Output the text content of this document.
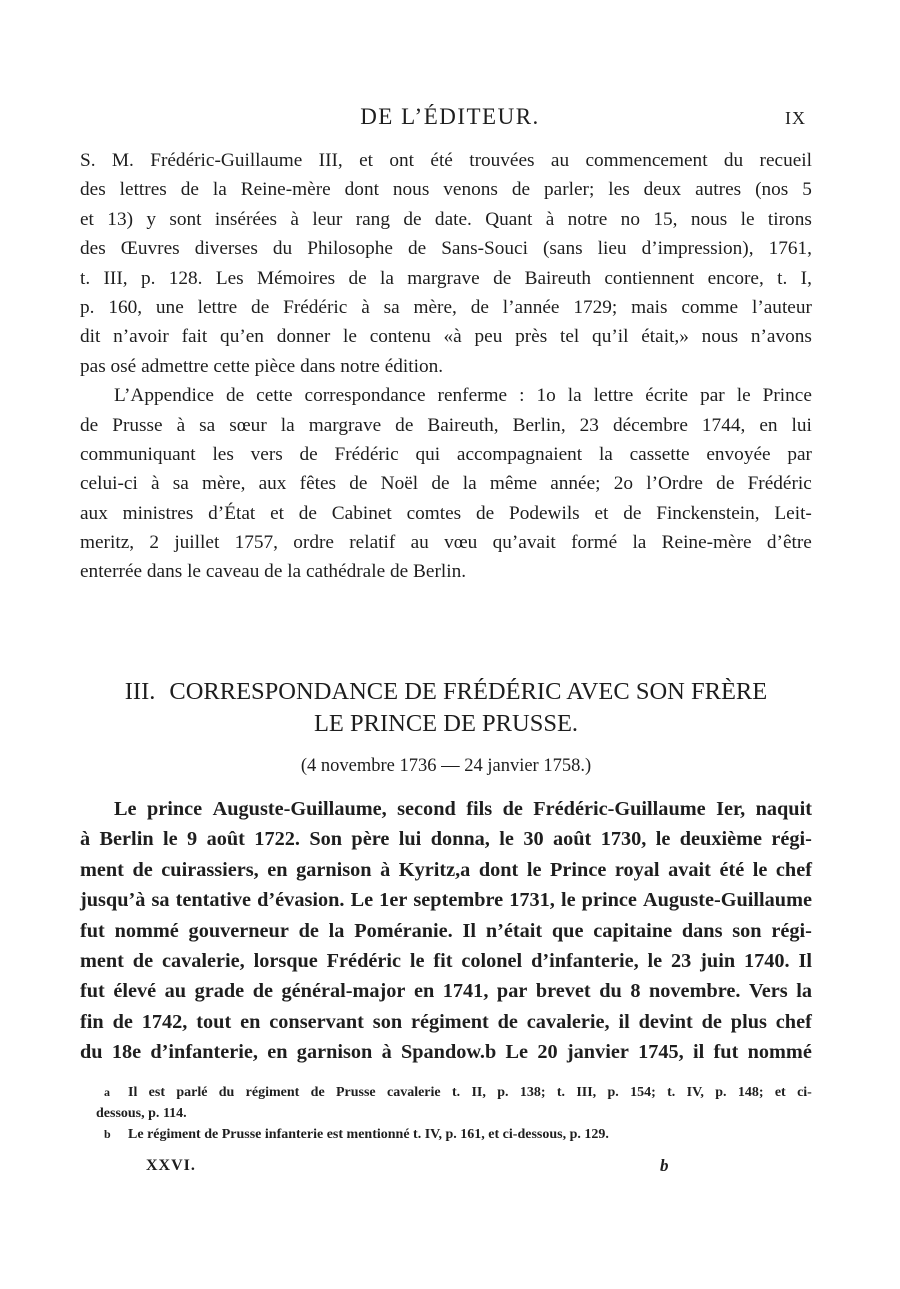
DE L’ÉDITEUR.	IX
S. M. Frédéric-Guillaume III, et ont été trouvées au commencement du recueil
des lettres de la Reine-mère dont nous venons de parler; les deux autres (nos 5
et 13) y sont insérées à leur rang de date. Quant à notre no 15, nous le tirons
des Œuvres diverses du Philosophe de Sans-Souci (sans lieu d’impression), 1761,
t. III, p. 128. Les Mémoires de la margrave de Baireuth contiennent encore, t. I,
p. 160, une lettre de Frédéric à sa mère, de l’année 1729; mais comme l’auteur
dit n’avoir fait qu’en donner le contenu «à peu près tel qu’il était,» nous n’avons
pas osé admettre cette pièce dans notre édition.
L’Appendice de cette correspondance renferme : 1o la lettre écrite par le Prince
de Prusse à sa sœur la margrave de Baireuth, Berlin, 23 décembre 1744, en lui
communiquant les vers de Frédéric qui accompagnaient la cassette envoyée par
celui-ci à sa mère, aux fêtes de Noël de la même année; 2o l’Ordre de Frédéric
aux ministres d’État et de Cabinet comtes de Podewils et de Finckenstein, Leit-
meritz, 2 juillet 1757, ordre relatif au vœu qu’avait formé la Reine-mère d’être
enterrée dans le caveau de la cathédrale de Berlin.
III. CORRESPONDANCE DE FRÉDÉRIC AVEC SON FRÈRE
LE PRINCE DE PRUSSE.
(4 novembre 1736 — 24 janvier 1758.)
Le prince Auguste-Guillaume, second fils de Frédéric-Guillaume Ier, naquit
à Berlin le 9 août 1722. Son père lui donna, le 30 août 1730, le deuxième régi-
ment de cuirassiers, en garnison à Kyritz,a dont le Prince royal avait été le chef
jusqu’à sa tentative d’évasion. Le 1er septembre 1731, le prince Auguste-Guillaume
fut nommé gouverneur de la Poméranie. Il n’était que capitaine dans son régi-
ment de cavalerie, lorsque Frédéric le fit colonel d’infanterie, le 23 juin 1740. Il
fut élevé au grade de général-major en 1741, par brevet du 8 novembre. Vers la
fin de 1742, tout en conservant son régiment de cavalerie, il devint de plus chef
du 18e d’infanterie, en garnison à Spandow.b Le 20 janvier 1745, il fut nommé
a	Il est parlé du régiment de Prusse cavalerie t. II, p. 138; t. III, p. 154; t. IV, p. 148; et ci-
dessous, p. 114.
b	Le régiment de Prusse infanterie est mentionné t. IV, p. 161, et ci-dessous, p. 129.
XXVI.	b
